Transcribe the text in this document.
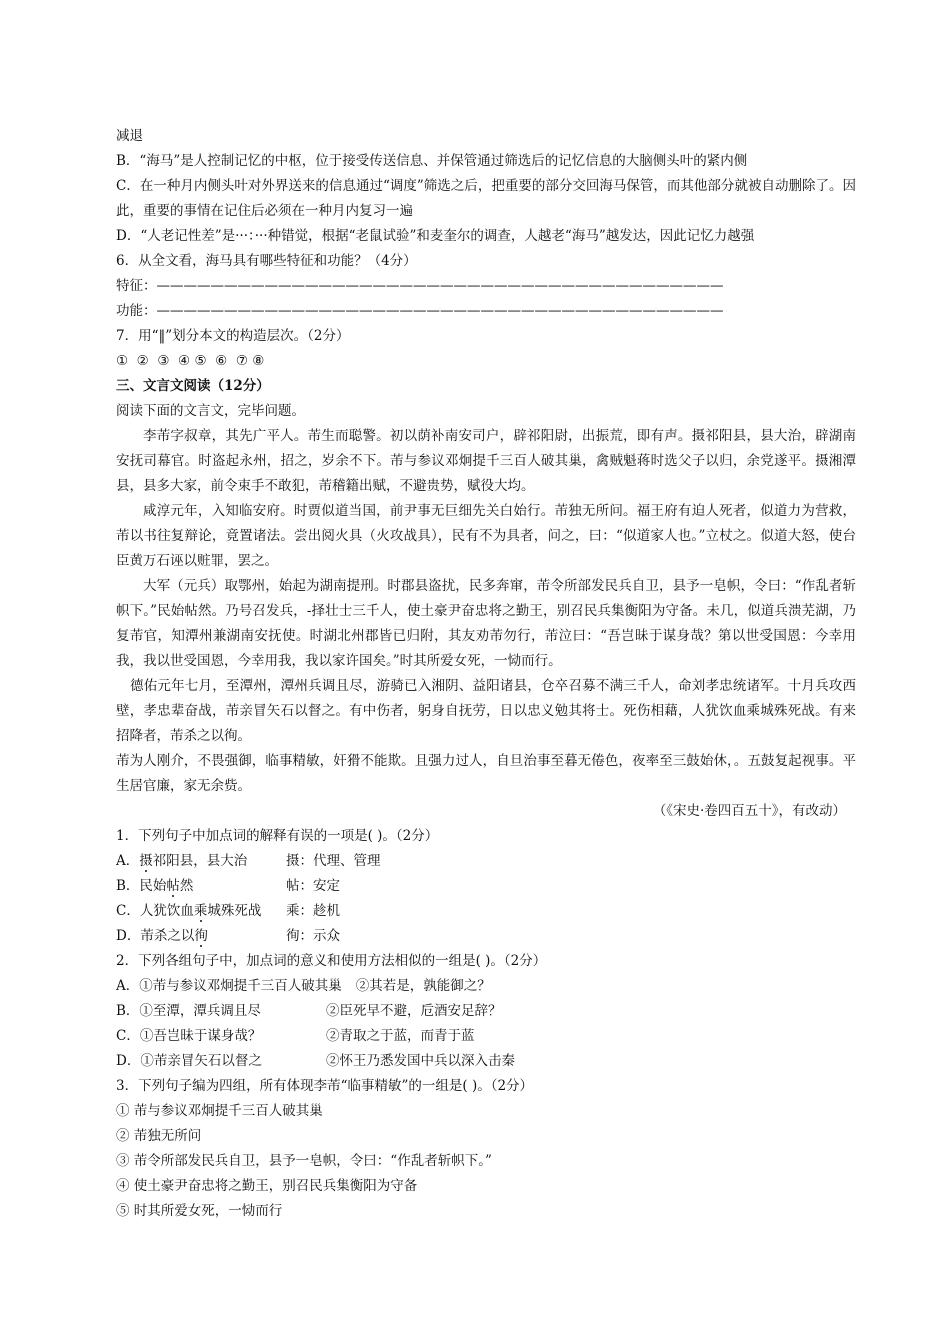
减退
B．“海马”是人控制记忆的中枢，位于接受传送信息、并保管通过筛选后的记忆信息的大脑侧头叶的紧内侧
C．在一种月内侧头叶对外界送来的信息通过“调度”筛选之后，把重要的部分交回海马保管，而其他部分就被自动删除了。因此，重要的事情在记住后必须在一种月内复习一遍
D．“人老记性差”是···：···种错觉，根据“老鼠试验”和麦奎尔的调查，人越老“海马”越发达，因此记忆力越强
6．从全文看，海马具有哪些特征和功能？（4分）
特征：——————————————————————————————————————————
功能：——————————————————————————————————————————
7．用“‖”划分本文的构造层次。（2分）
①  ②  ③  ④ ⑤  ⑥  ⑦ ⑧
三、文言文阅读（12分）
阅读下面的文言文，完毕问题。
李芾字叔章，其先广平人。芾生而聪警。初以荫补南安司户，辟祁阳尉，出振荒，即有声。摄祁阳县，县大治，辟湖南安抚司幕官。时盗起永州，招之，岁余不下。芾与参议邓炯提千三百人破其巢，禽贼魁蒋时选父子以归，余党遂平。摄湘潭县，县多大家，前令束手不敢犯，芾稽籍出赋，不避贵势，赋役大均。
咸淳元年，入知临安府。时贾似道当国，前尹事无巨细先关白始行。芾独无所问。福王府有迫人死者，似道力为营救，芾以书往复辩论，竟置诸法。尝出阅火具（火攻战具），民有不为具者，问之，曰：“似道家人也。”立杖之。似道大怒，使台臣黄万石诬以赃罪，罢之。
大军（元兵）取鄂州，始起为湖南提刑。时郡县盗扰，民多奔窜，芾令所部发民兵自卫，县予一皂帜，令曰：“作乱者斩帜下。”民始帖然。乃号召发兵，-择壮士三千人，使土豪尹奋忠将之勤王，别召民兵集衡阳为守备。未几，似道兵溃芜湖，乃复芾官，知潭州兼湖南安抚使。时湖北州郡皆已归附，其友劝芾勿行，芾泣曰：“吾岂昧于谋身哉？第以世受国恩：今幸用我，我以世受国恩，今幸用我，我以家许国矣。”时其所爱女死，一恸而行。
德佑元年七月，至潭州，潭州兵调且尽，游骑已入湘阴、益阳诸县，仓卒召募不满三千人，命刘孝忠统诸军。十月兵攻西壁，孝忠辈奋战，芾亲冒矢石以督之。有中伤者，躬身自抚劳，日以忠义勉其将士。死伤相藉，人犹饮血乘城殊死战。有来招降者，芾杀之以徇。
芾为人刚介，不畏强御，临事精敏，奸猾不能欺。且强力过人，自旦治事至暮无倦色，夜率至三鼓始休，。五鼓复起视事。平生居官廉，家无余赀。
（《宋史·卷四百五十》，有改动）
1．下列句子中加点词的解释有误的一项是( )。（2分）
A．摄祁阳县，县大治	摄：代理、管理
B．民始帖然	帖：安定
C．人犹饮血乘城殊死战 乘：趁机
D．芾杀之以徇	徇：示众
2．下列各组句子中，加点词的意义和使用方法相似的一组是( )。（2分）
A．①芾与参议邓炯提千三百人破其巢 ②其若是，孰能御之？
B．①至潭，潭兵调且尽	②臣死早不避，卮酒安足辞？
C．①吾岂昧于谋身哉？	②青取之于蓝，而青于蓝
D．①芾亲冒矢石以督之	②怀王乃悉发国中兵以深入击秦
3．下列句子编为四组，所有体现李芾“临事精敏”的一组是( )。（2分）
① 芾与参议邓炯提千三百人破其巢
② 芾独无所问
③ 芾令所部发民兵自卫，县予一皂帜，令曰：“作乱者斩帜下。”
④ 使土豪尹奋忠将之勤王，别召民兵集衡阳为守备
⑤ 时其所爱女死，一恸而行
